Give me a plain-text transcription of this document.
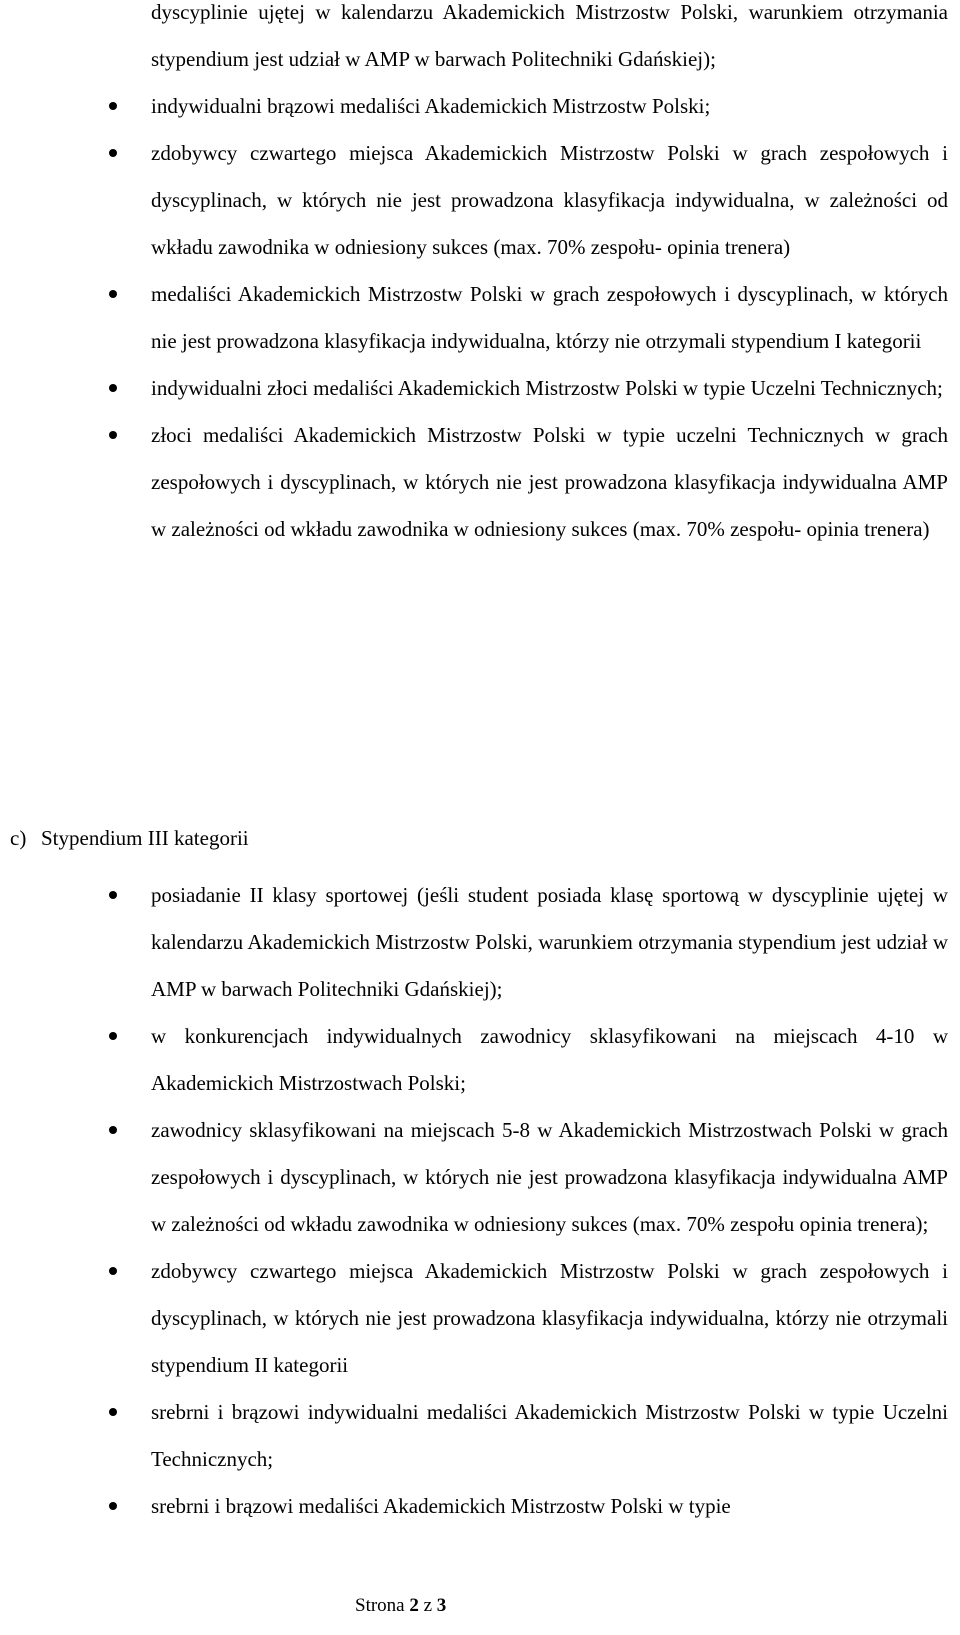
dyscyplinie ujętej w kalendarzu Akademickich Mistrzostw Polski, warunkiem otrzymania stypendium jest udział w AMP w barwach Politechniki Gdańskiej);
indywidualni brązowi medaliści Akademickich Mistrzostw Polski;
zdobywcy czwartego miejsca Akademickich Mistrzostw Polski w grach zespołowych i dyscyplinach, w których nie jest prowadzona klasyfikacja indywidualna, w zależności od wkładu zawodnika w odniesiony sukces (max. 70% zespołu- opinia trenera)
medaliści Akademickich Mistrzostw Polski w grach zespołowych i dyscyplinach, w których nie jest prowadzona klasyfikacja indywidualna, którzy nie otrzymali stypendium I kategorii
indywidualni złoci medaliści Akademickich Mistrzostw Polski w typie Uczelni Technicznych;
złoci medaliści Akademickich Mistrzostw Polski w typie uczelni Technicznych w grach zespołowych i dyscyplinach, w których nie jest prowadzona klasyfikacja indywidualna AMP w zależności od wkładu zawodnika w odniesiony sukces (max. 70% zespołu- opinia trenera)
c) Stypendium III kategorii
posiadanie II klasy sportowej (jeśli student posiada klasę sportową w dyscyplinie ujętej w kalendarzu Akademickich Mistrzostw Polski, warunkiem otrzymania stypendium jest udział w AMP w barwach Politechniki Gdańskiej);
w konkurencjach indywidualnych zawodnicy sklasyfikowani na miejscach 4-10 w Akademickich Mistrzostwach Polski;
zawodnicy sklasyfikowani na miejscach 5-8 w Akademickich Mistrzostwach Polski w grach zespołowych i dyscyplinach, w których nie jest prowadzona klasyfikacja indywidualna AMP w zależności od wkładu zawodnika w odniesiony sukces (max. 70% zespołu opinia trenera);
zdobywcy czwartego miejsca Akademickich Mistrzostw Polski w grach zespołowych i dyscyplinach, w których nie jest prowadzona klasyfikacja indywidualna, którzy nie otrzymali stypendium II kategorii
srebrni i brązowi indywidualni medaliści Akademickich Mistrzostw Polski w typie Uczelni Technicznych;
srebrni i brązowi medaliści Akademickich Mistrzostw Polski w typie
Strona 2 z 3
